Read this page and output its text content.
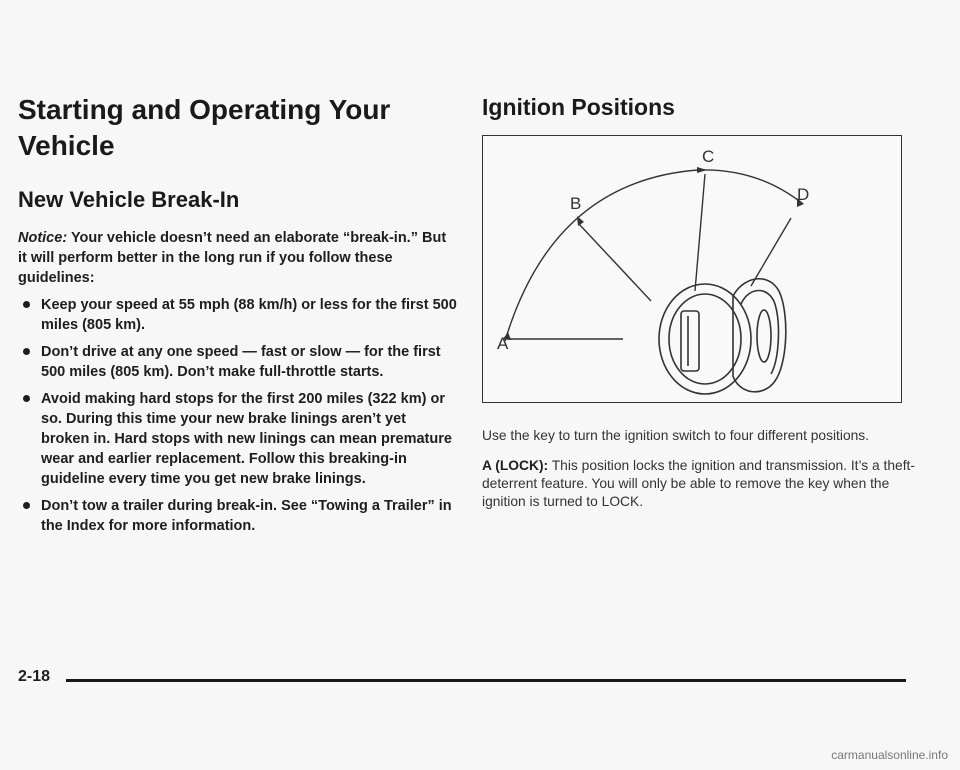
Starting and Operating Your Vehicle
New Vehicle Break-In

Notice: Your vehicle doesn’t need an elaborate “break-in.” But it will perform better in the long run if you follow these guidelines:

Keep your speed at 55 mph (88 km/h) or less for the first 500 miles (805 km).
Don’t drive at any one speed — fast or slow — for the first 500 miles (805 km). Don’t make full-throttle starts.
Avoid making hard stops for the first 200 miles (322 km) or so. During this time your new brake linings aren’t yet broken in. Hard stops with new linings can mean premature wear and earlier replacement. Follow this breaking-in guideline every time you get new brake linings.
Don’t tow a trailer during break-in. See “Towing a Trailer” in the Index for more information.
Ignition Positions
C
B	D
A

Use the key to turn the ignition switch to four different positions.

A (LOCK): This position locks the ignition and transmission. It’s a theft-deterrent feature. You will only be able to remove the key when the ignition is turned to LOCK.

2-18
carmanualsonline.info
